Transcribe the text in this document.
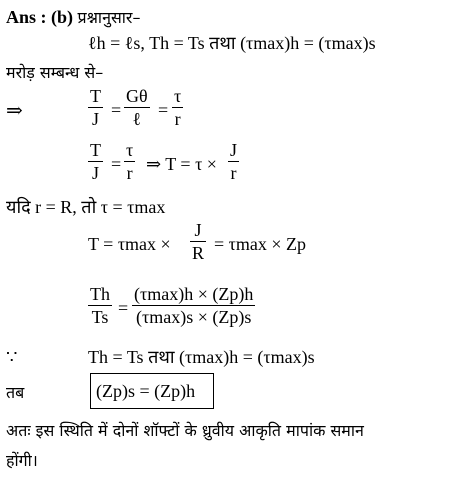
Ans : (b) प्रश्नानुसार–
ℓh = ℓs, Th = Ts तथा (τmax)h = (τmax)s
मरोड़ सम्बन्ध से–
⇒
T
J =
Gθ
ℓ =
τ
r
T
J =
τ
r ⇒ T = τ ×
J
r
यदि r = R, तो τ = τmax
T = τmax ×
J
R = τmax × Zp
Th
Ts =
(τmax)h × (Zp)h
(τmax)s × (Zp)s
∵	Th = Ts तथा (τmax)h = (τmax)s
तब	(Zp)s = (Zp)h
अतः इस स्थिति में दोनों शॉफ्टों के ध्रुवीय आकृति मापांक समान
होंगी।
